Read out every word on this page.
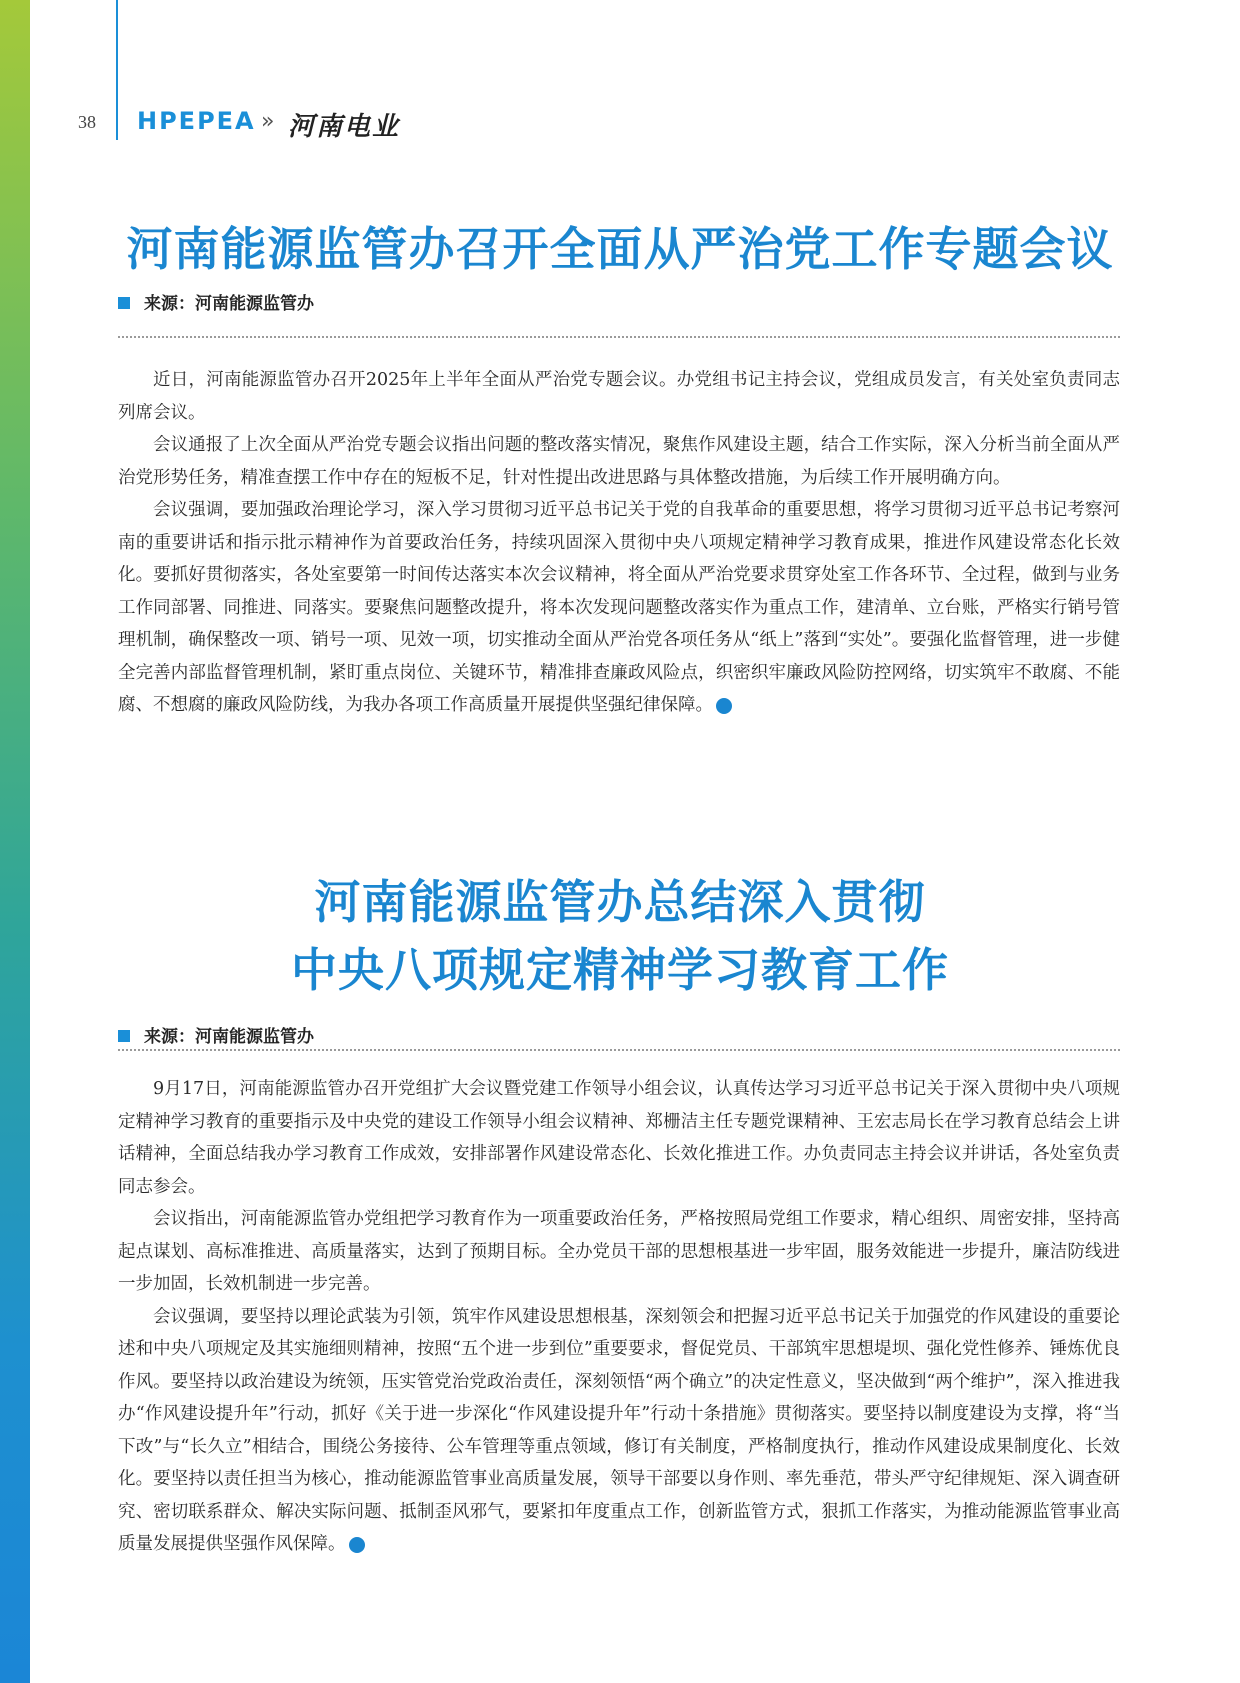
38 HPEPEA » 河南电业
河南能源监管办召开全面从严治党工作专题会议
来源：河南能源监管办

近日，河南能源监管办召开2025年上半年全面从严治党专题会议。办党组书记主持会议，党组成员发言，有关处室负责同志列席会议。

会议通报了上次全面从严治党专题会议指出问题的整改落实情况，聚焦作风建设主题，结合工作实际，深入分析当前全面从严治党形势任务，精准查摆工作中存在的短板不足，针对性提出改进思路与具体整改措施，为后续工作开展明确方向。

会议强调，要加强政治理论学习，深入学习贯彻习近平总书记关于党的自我革命的重要思想，将学习贯彻习近平总书记考察河南的重要讲话和指示批示精神作为首要政治任务，持续巩固深入贯彻中央八项规定精神学习教育成果，推进作风建设常态化长效化。要抓好贯彻落实，各处室要第一时间传达落实本次会议精神，将全面从严治党要求贯穿处室工作各环节、全过程，做到与业务工作同部署、同推进、同落实。要聚焦问题整改提升，将本次发现问题整改落实作为重点工作，建清单、立台账，严格实行销号管理机制，确保整改一项、销号一项、见效一项，切实推动全面从严治党各项任务从“纸上”落到“实处”。要强化监督管理，进一步健全完善内部监督管理机制，紧盯重点岗位、关键环节，精准排查廉政风险点，织密织牢廉政风险防控网络，切实筑牢不敢腐、不能腐、不想腐的廉政风险防线，为我办各项工作高质量开展提供坚强纪律保障。	电

河南能源监管办总结深入贯彻
中央八项规定精神学习教育工作
来源：河南能源监管办

9月17日，河南能源监管办召开党组扩大会议暨党建工作领导小组会议，认真传达学习习近平总书记关于深入贯彻中央八项规定精神学习教育的重要指示及中央党的建设工作领导小组会议精神、郑栅洁主任专题党课精神、王宏志局长在学习教育总结会上讲话精神，全面总结我办学习教育工作成效，安排部署作风建设常态化、长效化推进工作。办负责同志主持会议并讲话，各处室负责同志参会。

会议指出，河南能源监管办党组把学习教育作为一项重要政治任务，严格按照局党组工作要求，精心组织、周密安排，坚持高起点谋划、高标准推进、高质量落实，达到了预期目标。全办党员干部的思想根基进一步牢固，服务效能进一步提升，廉洁防线进一步加固，长效机制进一步完善。

会议强调，要坚持以理论武装为引领，筑牢作风建设思想根基，深刻领会和把握习近平总书记关于加强党的作风建设的重要论述和中央八项规定及其实施细则精神，按照“五个进一步到位”重要要求，督促党员、干部筑牢思想堤坝、强化党性修养、锤炼优良作风。要坚持以政治建设为统领，压实管党治党政治责任，深刻领悟“两个确立”的决定性意义，坚决做到“两个维护”，深入推进我办“作风建设提升年”行动，抓好《关于进一步深化“作风建设提升年”行动十条措施》贯彻落实。要坚持以制度建设为支撑，将“当下改”与“长久立”相结合，围绕公务接待、公车管理等重点领域，修订有关制度，严格制度执行，推动作风建设成果制度化、长效化。要坚持以责任担当为核心，推动能源监管事业高质量发展，领导干部要以身作则、率先垂范，带头严守纪律规矩、深入调查研究、密切联系群众、解决实际问题、抵制歪风邪气，要紧扣年度重点工作，创新监管方式，狠抓工作落实，为推动能源监管事业高质量发展提供坚强作风保障。	电
